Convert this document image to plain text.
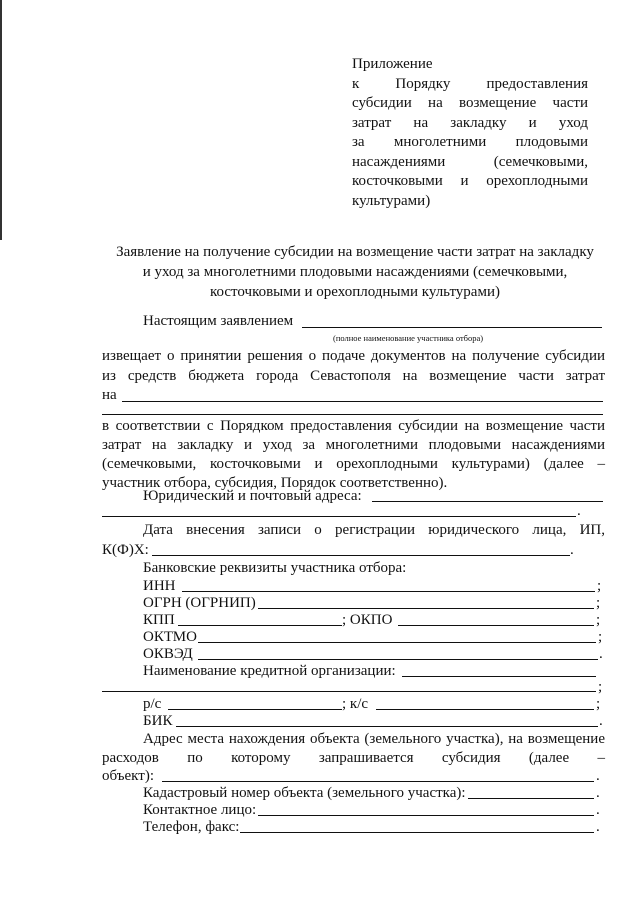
Приложение
к Порядку предоставления
субсидии на возмещение части
затрат на закладку и уход
за многолетними плодовыми
насаждениями (семечковыми,
косточковыми и орехоплодными
культурами)
Заявление на получение субсидии на возмещение части затрат на закладку
и уход за многолетними плодовыми насаждениями (семечковыми,
косточковыми и орехоплодными культурами)
Настоящим заявлением
(полное наименование участника отбора)
извещает о принятии решения о подаче документов на получение субсидии
из средств бюджета города Севастополя на возмещение части затрат
на
в соответствии с Порядком предоставления субсидии на возмещение части
затрат на закладку и уход за многолетними плодовыми насаждениями
(семечковыми, косточковыми и орехоплодными культурами) (далее –
участник отбора, субсидия, Порядок соответственно).
Юридический и почтовый адреса:
.
Дата внесения записи о регистрации юридического лица, ИП,
К(Ф)Х:	.
Банковские реквизиты участника отбора:
ИНН	;
ОГРН (ОГРНИП)	;
КПП	; ОКПО	;
ОКТМО	;
ОКВЭД	.
Наименование кредитной организации:
;
р/с	; к/с	;
БИК	.
Адрес места нахождения объекта (земельного участка), на возмещение
расходов по которому запрашивается субсидия (далее –
объект):	.
Кадастровый номер объекта (земельного участка):	.
Контактное лицо:	.
Телефон, факс:	.
